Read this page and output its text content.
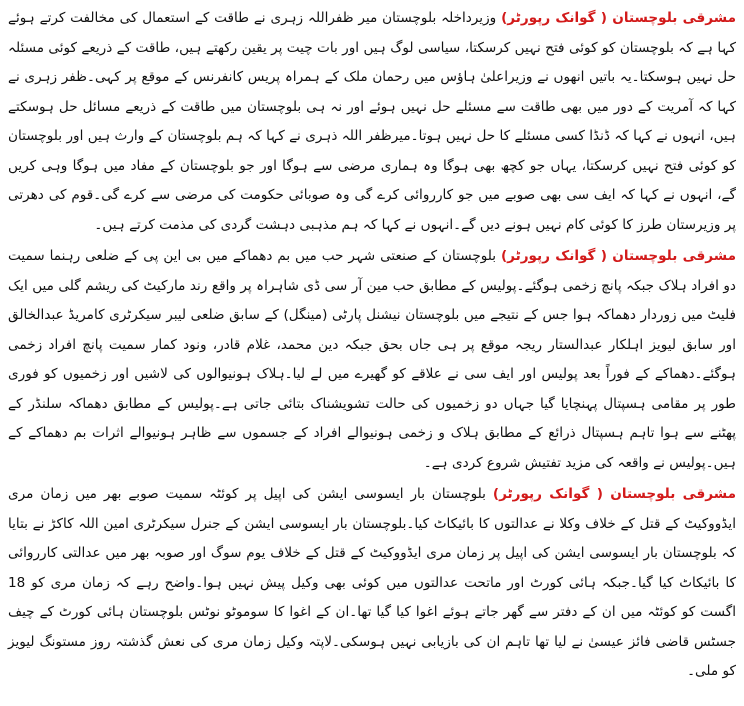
مشرقی بلوچستان ( گوانک رپورٹر) وزیرداخلہ بلوچستان میر ظفراللہ زہری نے طاقت کے استعمال کی مخالفت کرتے ہوئے کہا ہے کہ بلوچستان کو کوئی فتح نہیں کرسکتا، سیاسی لوگ ہیں اور بات چیت پر یقین رکھتے ہیں، طاقت کے ذریعے کوئی مسئلہ حل نہیں ہوسکتا۔یہ باتیں انھوں نے وزیراعلیٰ ہاؤس میں رحمان ملک کے ہمراہ پریس کانفرنس کے موقع پر کہی۔ظفر زہری نے کہا کہ آمریت کے دور میں بھی طاقت سے مسئلے حل نہیں ہوئے اور نہ ہی بلوچستان میں طاقت کے ذریعے مسائل حل ہوسکتے ہیں، انہوں نے کہا کہ ڈنڈا کسی مسئلے کا حل نہیں ہوتا۔میرظفر اللہ ذہری نے کہا کہ ہم بلوچستان کے وارث ہیں اور بلوچستان کو کوئی فتح نہیں کرسکتا، یہاں جو کچھ بھی ہوگا وہ ہماری مرضی سے ہوگا اور جو بلوچستان کے مفاد میں ہوگا وہی کریں گے، انہوں نے کہا کہ ایف سی بھی صوبے میں جو کارروائی کرے گی وہ صوبائی حکومت کی مرضی سے کرے گی۔قوم کی دھرتی پر وزیرستان طرز کا کوئی کام نہیں ہونے دیں گے۔انہوں نے کہا کہ ہم مذہبی دہشت گردی کی مذمت کرتے ہیں۔

مشرقی بلوچستان ( گوانک رپورٹر) بلوچستان کے صنعتی شہر حب میں بم دھماکے میں بی این پی کے ضلعی رہنما سمیت دو افراد ہلاک جبکہ پانچ زخمی ہوگئے۔پولیس کے مطابق حب مین آر سی ڈی شاہراہ پر واقع رند مارکیٹ کی ریشم گلی میں ایک فلیٹ میں زوردار دھماکہ ہوا جس کے نتیجے میں بلوچستان نیشنل پارٹی (مینگل) کے سابق ضلعی لیبر سیکرٹری کامریڈ عبدالخالق اور سابق لیویز اہلکار عبدالستار ریجہ موقع پر ہی جاں بحق جبکہ دین محمد، غلام قادر، ونود کمار سمیت پانچ افراد زخمی ہوگئے۔دھماکے کے فوراً بعد پولیس اور ایف سی نے علاقے کو گھیرے میں لے لیا۔ہلاک ہونیوالوں کی لاشیں اور زخمیوں کو فوری طور پر مقامی ہسپتال پہنچایا گیا جہاں دو زخمیوں کی حالت تشویشناک بتائی جاتی ہے۔پولیس کے مطابق دھماکہ سلنڈر کے پھٹنے سے ہوا تاہم ہسپتال ذرائع کے مطابق ہلاک و زخمی ہونیوالے افراد کے جسموں سے ظاہر ہونیوالے اثرات بم دھماکے کے ہیں۔پولیس نے واقعہ کی مزید تفتیش شروع کردی ہے۔

مشرقی بلوچستان ( گوانک رپورٹر) بلوچستان بار ایسوسی ایشن کی اپیل پر کوئٹہ سمیت صوبے بھر میں زمان مری ایڈووکیٹ کے قتل کے خلاف وکلا نے عدالتوں کا بائیکاٹ کیا۔بلوچستان بار ایسوسی ایشن کے جنرل سیکرٹری امین اللہ کاکڑ نے بتایا کہ بلوچستان بار ایسوسی ایشن کی اپیل پر زمان مری ایڈووکیٹ کے قتل کے خلاف یوم سوگ اور صوبہ بھر میں عدالتی کارروائی کا بائیکاٹ کیا گیا۔جبکہ ہائی کورٹ اور ماتحت عدالتوں میں کوئی بھی وکیل پیش نہیں ہوا۔واضح رہے کہ زمان مری کو 18 اگست کو کوئٹہ میں ان کے دفتر سے گھر جاتے ہوئے اغوا کیا گیا تھا۔ان کے اغوا کا سوموٹو نوٹس بلوچستان ہائی کورٹ کے چیف جسٹس قاضی فائز عیسیٰ نے لیا تھا تاہم ان کی بازیابی نہیں ہوسکی۔لاپتہ وکیل زمان مری کی نعش گذشتہ روز مستونگ لیویز کو ملی۔
